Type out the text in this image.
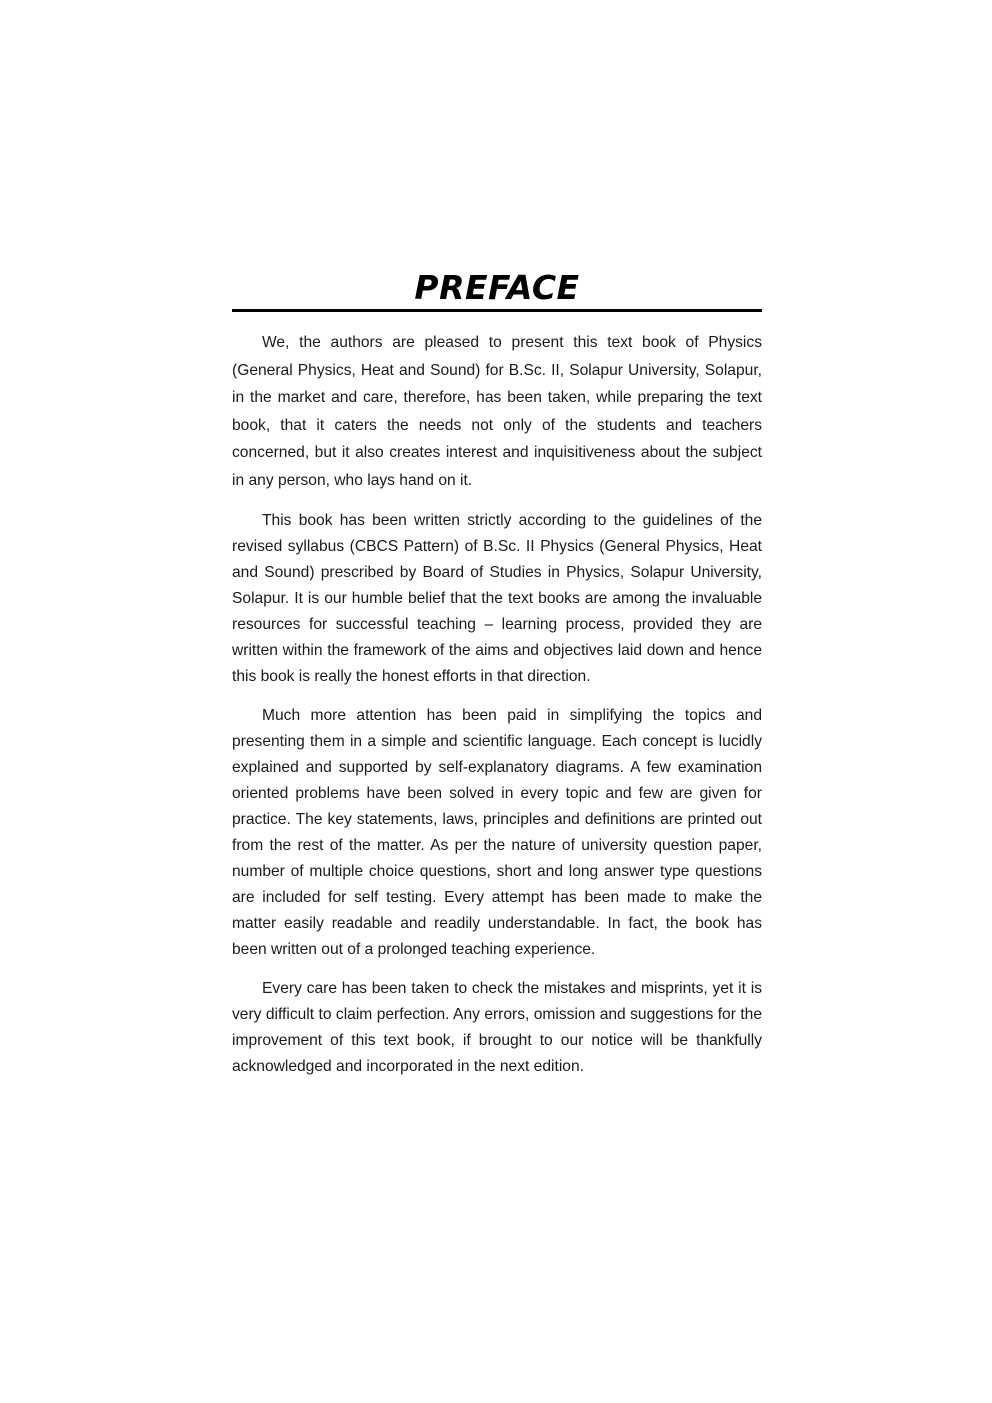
PREFACE

We, the authors are pleased to present this text book of Physics (General Physics, Heat and Sound) for B.Sc. II, Solapur University, Solapur, in the market and care, therefore, has been taken, while preparing the text book, that it caters the needs not only of the students and teachers concerned, but it also creates interest and inquisitiveness about the subject in any person, who lays hand on it.

This book has been written strictly according to the guidelines of the revised syllabus (CBCS Pattern) of B.Sc. II Physics (General Physics, Heat and Sound) prescribed by Board of Studies in Physics, Solapur University, Solapur. It is our humble belief that the text books are among the invaluable resources for successful teaching – learning process, provided they are written within the framework of the aims and objectives laid down and hence this book is really the honest efforts in that direction.

Much more attention has been paid in simplifying the topics and presenting them in a simple and scientific language. Each concept is lucidly explained and supported by self-explanatory diagrams. A few examination oriented problems have been solved in every topic and few are given for practice. The key statements, laws, principles and definitions are printed out from the rest of the matter. As per the nature of university question paper, number of multiple choice questions, short and long answer type questions are included for self testing. Every attempt has been made to make the matter easily readable and readily understandable. In fact, the book has been written out of a prolonged teaching experience.

Every care has been taken to check the mistakes and misprints, yet it is very difficult to claim perfection. Any errors, omission and suggestions for the improvement of this text book, if brought to our notice will be thankfully acknowledged and incorporated in the next edition.
